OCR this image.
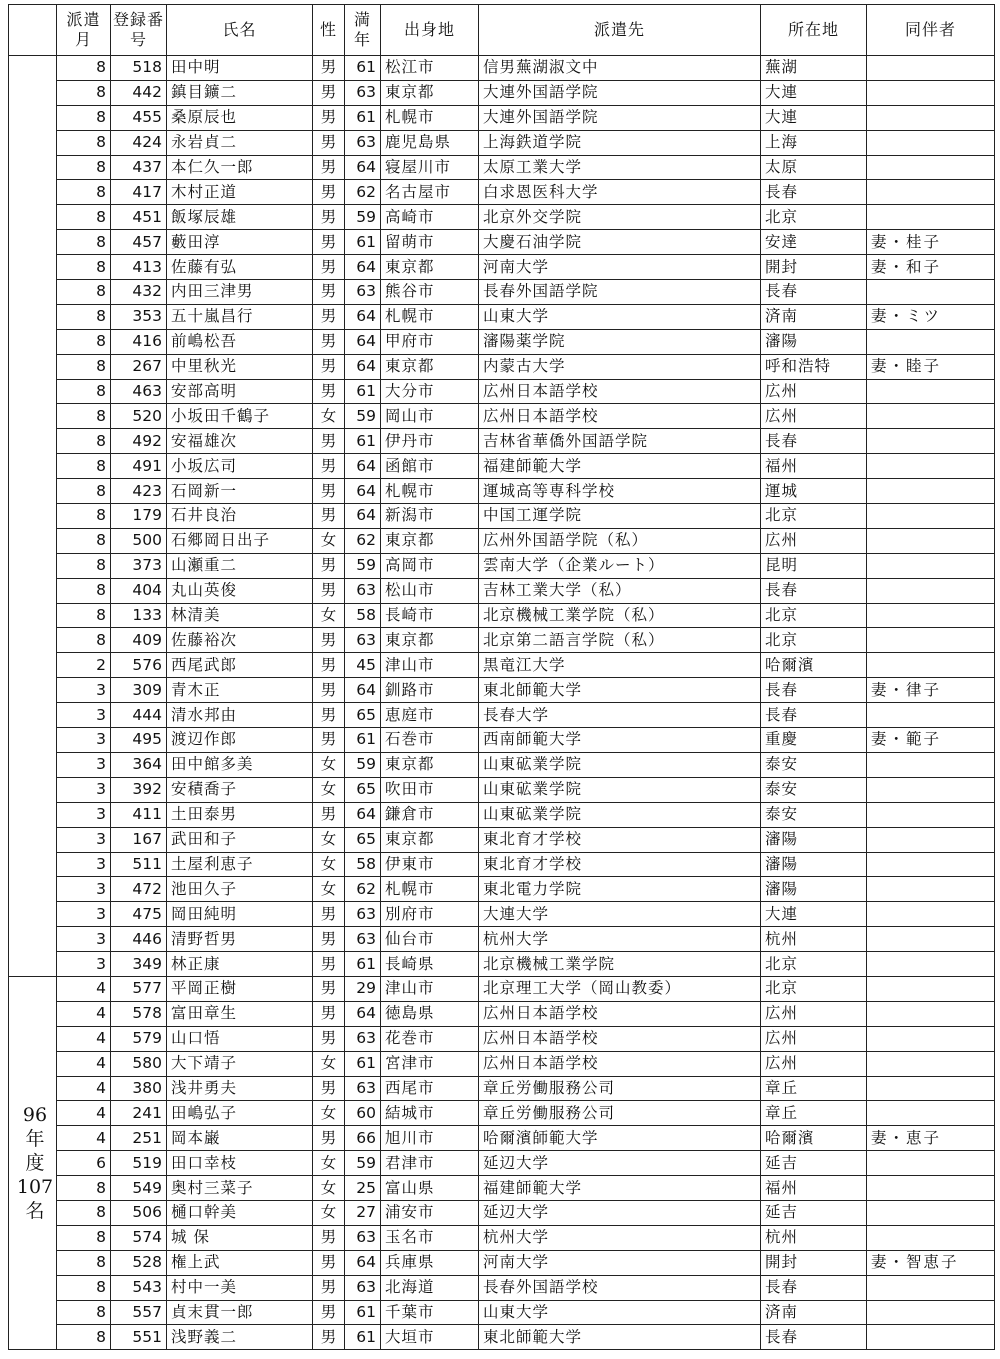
	派遣月	登録番号	氏名	性	満年	出身地	派遣先	所在地	同伴者
	8	518	田中明	男	61	松江市	信男蕪湖淑文中	蕪湖	
	8	442	鎮目鑛二	男	63	東京都	大連外国語学院	大連	
	8	455	桑原辰也	男	61	札幌市	大連外国語学院	大連	
	8	424	永岩貞二	男	63	鹿児島県	上海鉄道学院	上海	
	8	437	本仁久一郎	男	64	寝屋川市	太原工業大学	太原	
	8	417	木村正道	男	62	名古屋市	白求恩医科大学	長春	
	8	451	飯塚辰雄	男	59	高崎市	北京外交学院	北京	
	8	457	藪田淳	男	61	留萌市	大慶石油学院	安達	妻・桂子
	8	413	佐藤有弘	男	64	東京都	河南大学	開封	妻・和子
	8	432	内田三津男	男	63	熊谷市	長春外国語学院	長春	
	8	353	五十嵐昌行	男	64	札幌市	山東大学	済南	妻・ミツ
	8	416	前嶋松吾	男	64	甲府市	瀋陽薬学院	瀋陽	
	8	267	中里秋光	男	64	東京都	内蒙古大学	呼和浩特	妻・睦子
	8	463	安部高明	男	61	大分市	広州日本語学校	広州	
	8	520	小坂田千鶴子	女	59	岡山市	広州日本語学校	広州	
	8	492	安福雄次	男	61	伊丹市	吉林省華僑外国語学院	長春	
	8	491	小坂広司	男	64	函館市	福建師範大学	福州	
	8	423	石岡新一	男	64	札幌市	運城高等専科学校	運城	
	8	179	石井良治	男	64	新潟市	中国工運学院	北京	
	8	500	石郷岡日出子	女	62	東京都	広州外国語学院（私）	広州	
	8	373	山瀬重二	男	59	高岡市	雲南大学（企業ルート）	昆明	
	8	404	丸山英俊	男	63	松山市	吉林工業大学（私）	長春	
	8	133	林清美	女	58	長崎市	北京機械工業学院（私）	北京	
	8	409	佐藤裕次	男	63	東京都	北京第二語言学院（私）	北京	
	2	576	西尾武郎	男	45	津山市	黒竜江大学	哈爾濱	
	3	309	青木正	男	64	釧路市	東北師範大学	長春	妻・律子
	3	444	清水邦由	男	65	恵庭市	長春大学	長春	
	3	495	渡辺作郎	男	61	石巻市	西南師範大学	重慶	妻・範子
	3	364	田中館多美	女	59	東京都	山東砿業学院	泰安	
	3	392	安積喬子	女	65	吹田市	山東砿業学院	泰安	
	3	411	土田泰男	男	64	鎌倉市	山東砿業学院	泰安	
	3	167	武田和子	女	65	東京都	東北育才学校	瀋陽	
	3	511	土屋利恵子	女	58	伊東市	東北育才学校	瀋陽	
	3	472	池田久子	女	62	札幌市	東北電力学院	瀋陽	
	3	475	岡田純明	男	63	別府市	大連大学	大連	
	3	446	清野哲男	男	63	仙台市	杭州大学	杭州	
	3	349	林正康	男	61	長崎県	北京機械工業学院	北京	

96
年
度
107
名	4	577	平岡正樹	男	29	津山市	北京理工大学（岡山教委）	北京	
	4	578	富田章生	男	64	徳島県	広州日本語学校	広州	
	4	579	山口悟	男	63	花巻市	広州日本語学校	広州	
	4	580	大下靖子	女	61	宮津市	広州日本語学校	広州	
	4	380	浅井勇夫	男	63	西尾市	章丘労働服務公司	章丘	
	4	241	田嶋弘子	女	60	結城市	章丘労働服務公司	章丘	
	4	251	岡本巌	男	66	旭川市	哈爾濱師範大学	哈爾濱	妻・恵子
	6	519	田口幸枝	女	59	君津市	延辺大学	延吉	
	8	549	奥村三菜子	女	25	富山県	福建師範大学	福州	
	8	506	樋口幹美	女	27	浦安市	延辺大学	延吉	
	8	574	城 保	男	63	玉名市	杭州大学	杭州	
	8	528	権上武	男	64	兵庫県	河南大学	開封	妻・智恵子
	8	543	村中一美	男	63	北海道	長春外国語学校	長春	
	8	557	貞末貫一郎	男	61	千葉市	山東大学	済南	
	8	551	浅野義二	男	61	大垣市	東北師範大学	長春	
